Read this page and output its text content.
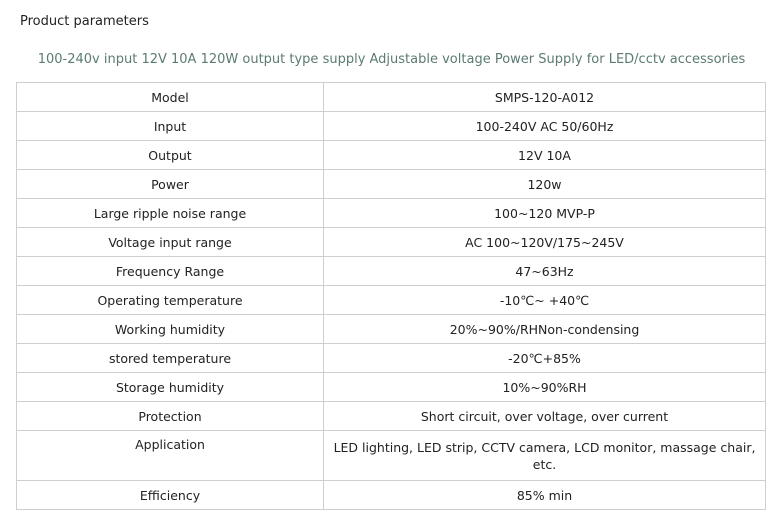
Product parameters

100-240v input 12V 10A 120W output type supply Adjustable voltage Power Supply for LED/cctv accessories

Model	SMPS-120-A012
Input	100-240V AC 50/60Hz
Output	12V 10A
Power	120w
Large ripple noise range	100~120 MVP-P
Voltage input range	AC 100~120V/175~245V
Frequency Range	47~63Hz
Operating temperature	-10℃~ +40℃
Working humidity	20%~90%/RHNon-condensing
stored temperature	-20℃+85%
Storage humidity	10%~90%RH
Protection	Short circuit, over voltage, over current
Application	LED lighting, LED strip, CCTV camera, LCD monitor, massage chair, etc.
Efficiency	85% min
